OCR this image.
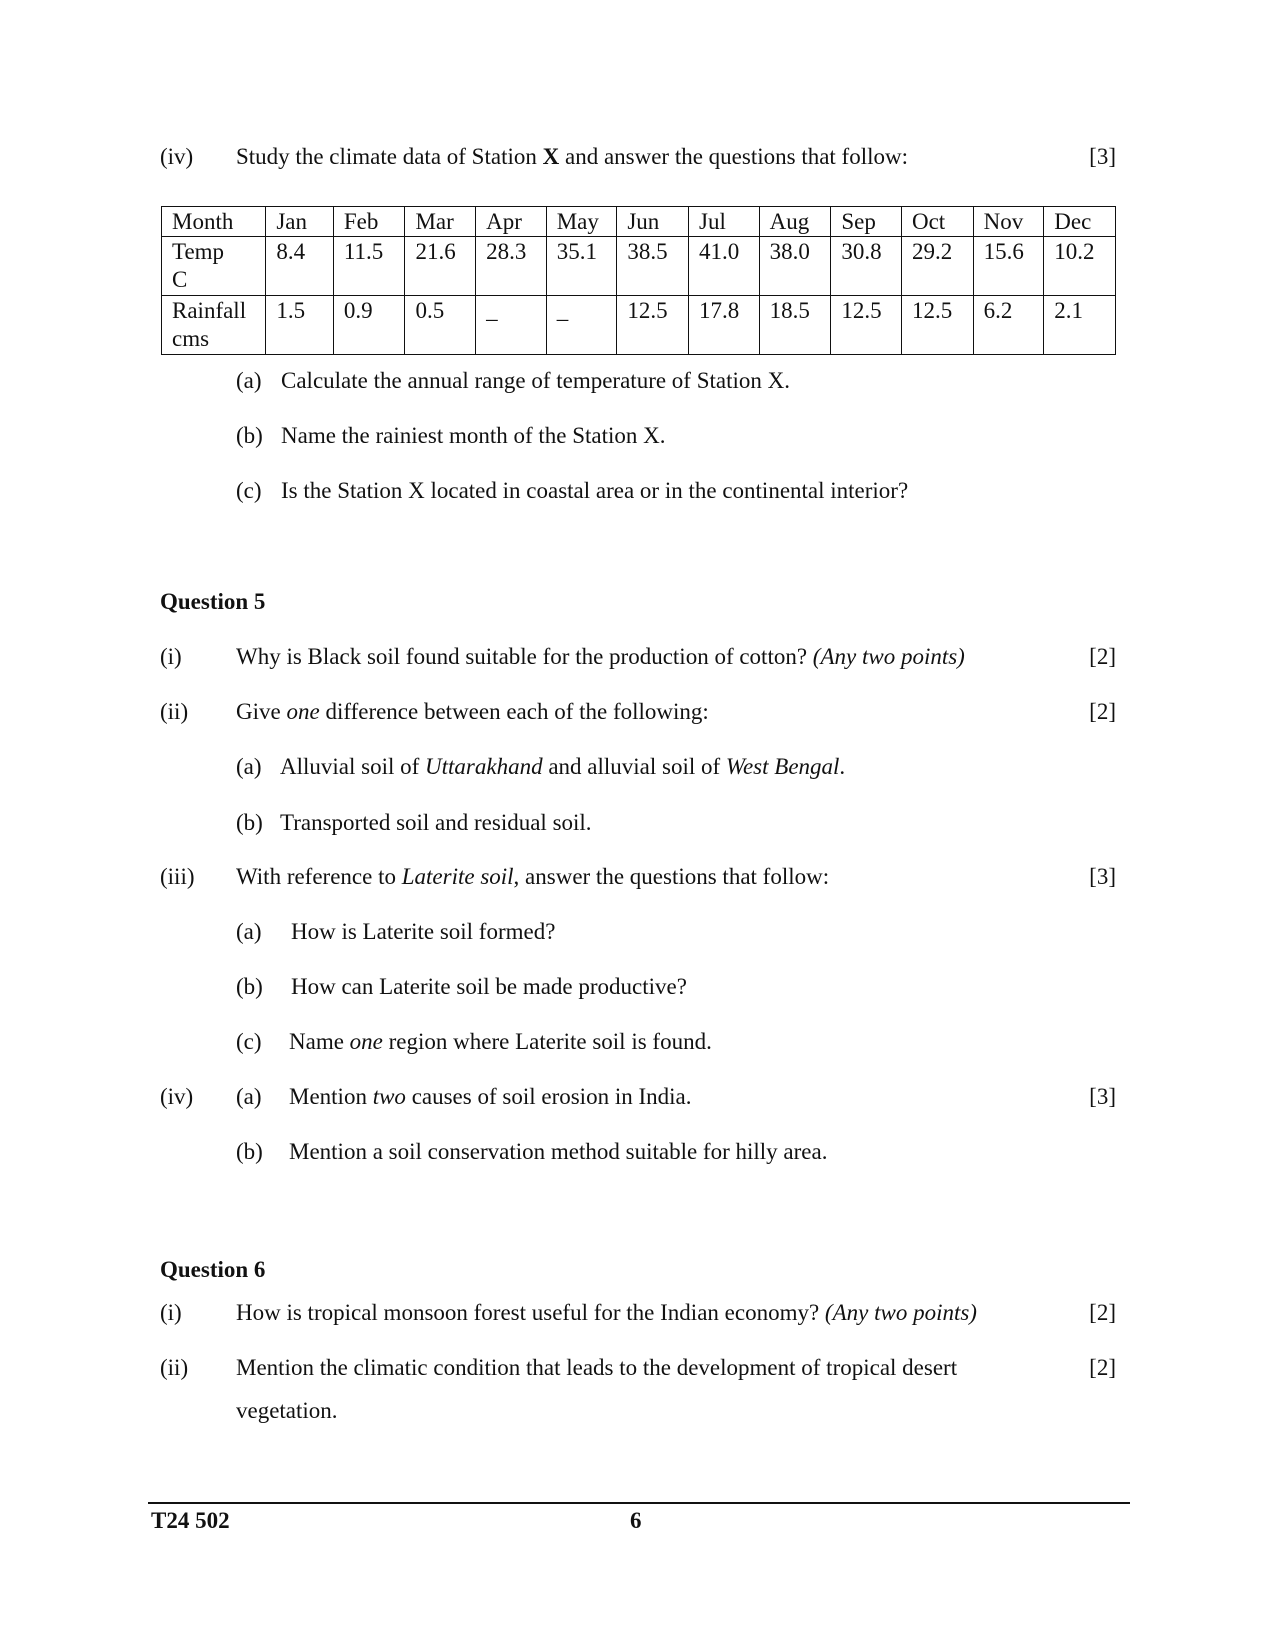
(iv) Study the climate data of Station X and answer the questions that follow:	[3]
Month	Jan	Feb	Mar	Apr	May	Jun	Jul	Aug	Sep	Oct	Nov	Dec
Temp
C	8.4	11.5	21.6	28.3	35.1	38.5	41.0	38.0	30.8	29.2	15.6	10.2
Rainfall
cms	1.5	0.9	0.5	_	_	12.5	17.8	18.5	12.5	12.5	6.2	2.1
(a) Calculate the annual range of temperature of Station X.
(b) Name the rainiest month of the Station X.
(c) Is the Station X located in coastal area or in the continental interior?
Question 5
(i) Why is Black soil found suitable for the production of cotton? (Any two points)	[2]
(ii) Give one difference between each of the following:	[2]
(a) Alluvial soil of Uttarakhand and alluvial soil of West Bengal.
(b) Transported soil and residual soil.
(iii) With reference to Laterite soil, answer the questions that follow:	[3]
(a) How is Laterite soil formed?
(b) How can Laterite soil be made productive?
(c) Name one region where Laterite soil is found.
(iv) (a) Mention two causes of soil erosion in India.	[3]
(b) Mention a soil conservation method suitable for hilly area.
Question 6
(i) How is tropical monsoon forest useful for the Indian economy? (Any two points)	[2]
(ii) Mention the climatic condition that leads to the development of tropical desert	[2]
vegetation.
T24 502	6
